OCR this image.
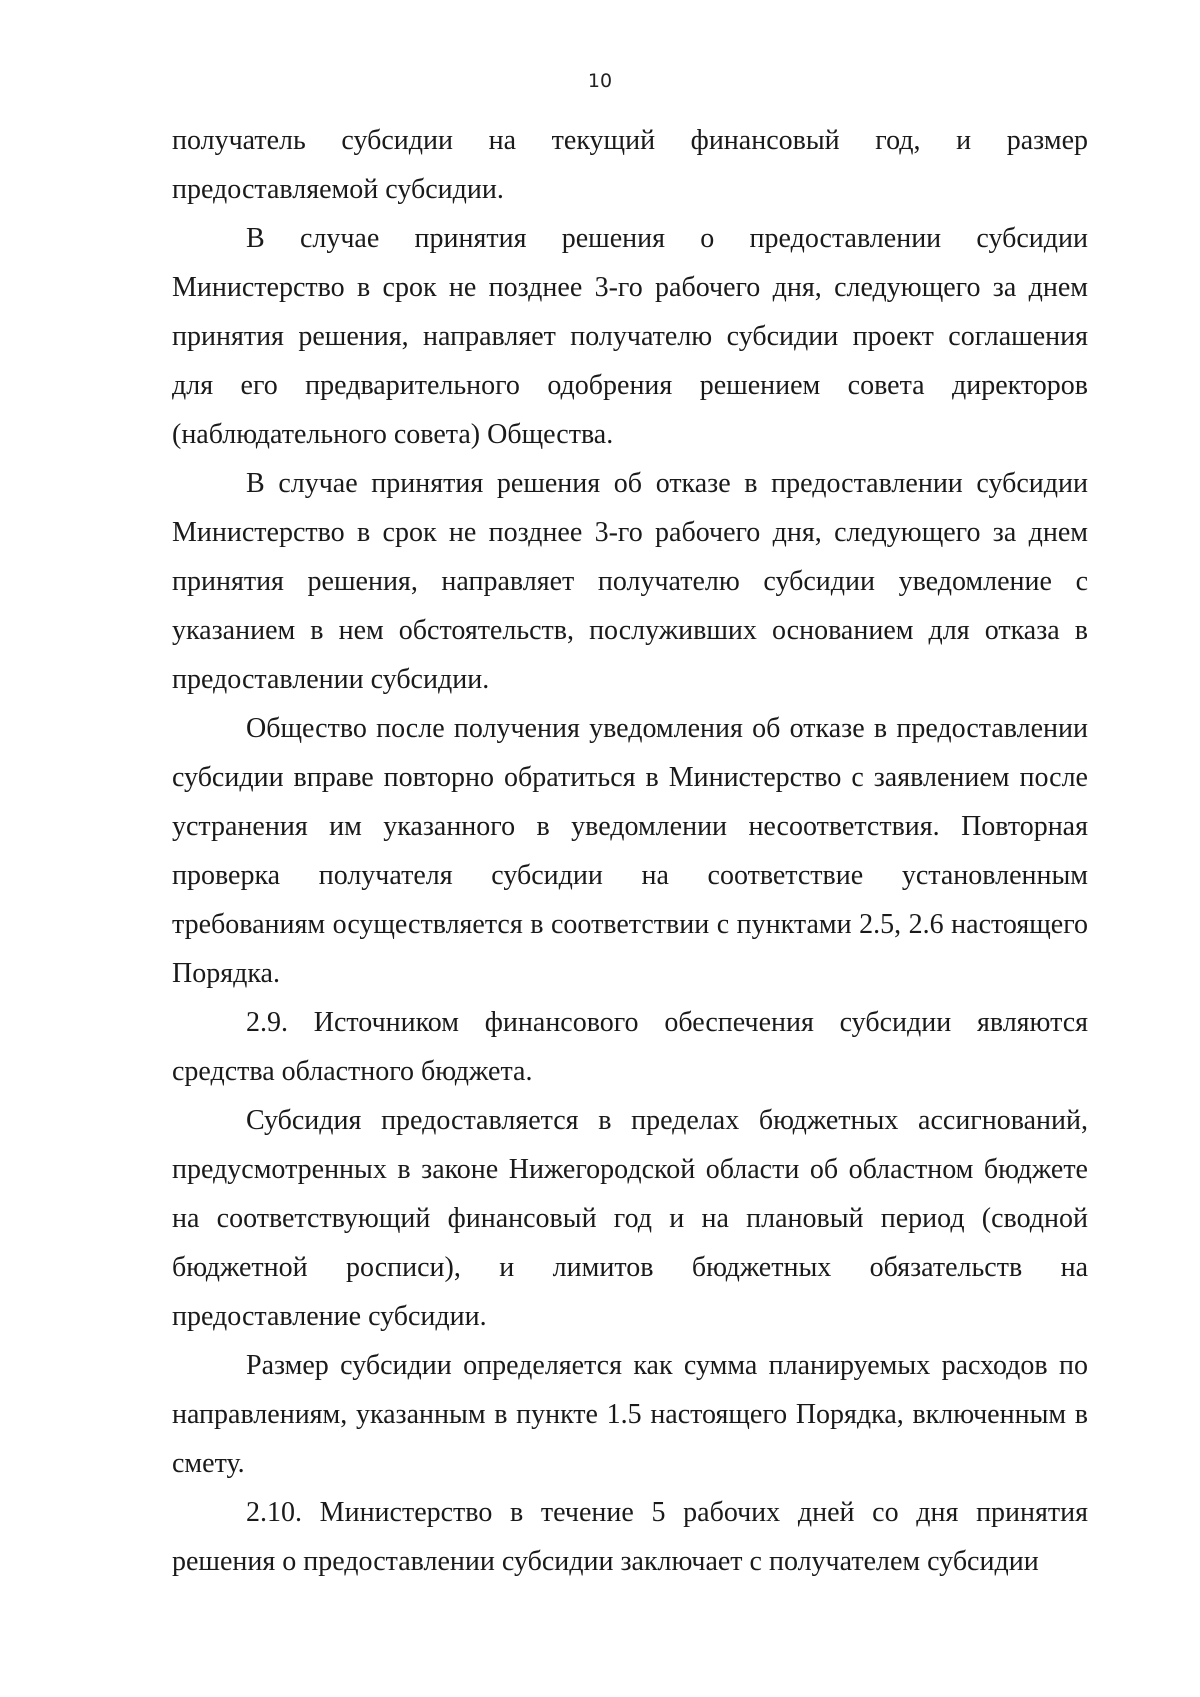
10

получатель субсидии на текущий финансовый год, и размер предоставляемой субсидии.

В случае принятия решения о предоставлении субсидии Министерство в срок не позднее 3-го рабочего дня, следующего за днем принятия решения, направляет получателю субсидии проект соглашения для его предварительного одобрения решением совета директоров (наблюдательного совета) Общества.

В случае принятия решения об отказе в предоставлении субсидии Министерство в срок не позднее 3-го рабочего дня, следующего за днем принятия решения, направляет получателю субсидии уведомление с указанием в нем обстоятельств, послуживших основанием для отказа в предоставлении субсидии.

Общество после получения уведомления об отказе в предоставлении субсидии вправе повторно обратиться в Министерство с заявлением после устранения им указанного в уведомлении несоответствия. Повторная проверка получателя субсидии на соответствие установленным требованиям осуществляется в соответствии с пунктами 2.5, 2.6 настоящего Порядка.

2.9. Источником финансового обеспечения субсидии являются средства областного бюджета.

Субсидия предоставляется в пределах бюджетных ассигнований, предусмотренных в законе Нижегородской области об областном бюджете на соответствующий финансовый год и на плановый период (сводной бюджетной росписи), и лимитов бюджетных обязательств на предоставление субсидии.

Размер субсидии определяется как сумма планируемых расходов по направлениям, указанным в пункте 1.5 настоящего Порядка, включенным в смету.

2.10. Министерство в течение 5 рабочих дней со дня принятия решения о предоставлении субсидии заключает с получателем субсидии
